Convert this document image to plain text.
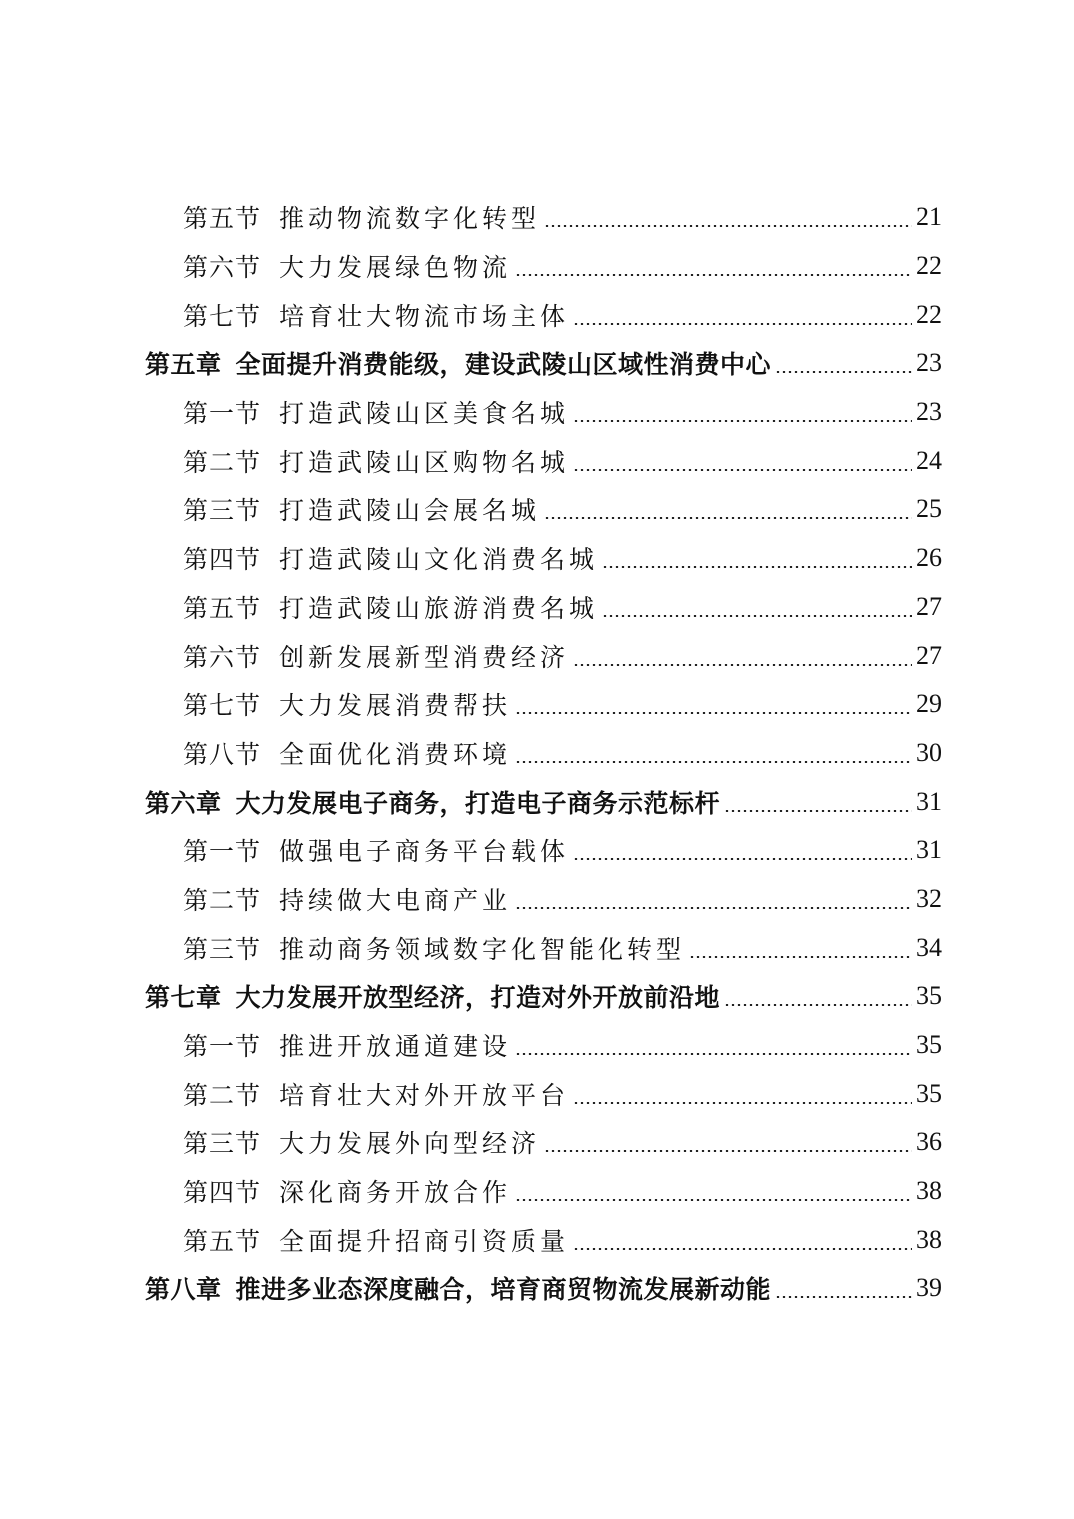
第五节 推动物流数字化转型	21
第六节 大力发展绿色物流	22
第七节 培育壮大物流市场主体	22
第五章 全面提升消费能级，建设武陵山区域性消费中心	23
第一节 打造武陵山区美食名城	23
第二节 打造武陵山区购物名城	24
第三节 打造武陵山会展名城	25
第四节 打造武陵山文化消费名城	26
第五节 打造武陵山旅游消费名城	27
第六节 创新发展新型消费经济	27
第七节 大力发展消费帮扶	29
第八节 全面优化消费环境	30
第六章 大力发展电子商务，打造电子商务示范标杆	31
第一节 做强电子商务平台载体	31
第二节 持续做大电商产业	32
第三节 推动商务领域数字化智能化转型	34
第七章 大力发展开放型经济，打造对外开放前沿地	35
第一节 推进开放通道建设	35
第二节 培育壮大对外开放平台	35
第三节 大力发展外向型经济	36
第四节 深化商务开放合作	38
第五节 全面提升招商引资质量	38
第八章 推进多业态深度融合，培育商贸物流发展新动能	39
